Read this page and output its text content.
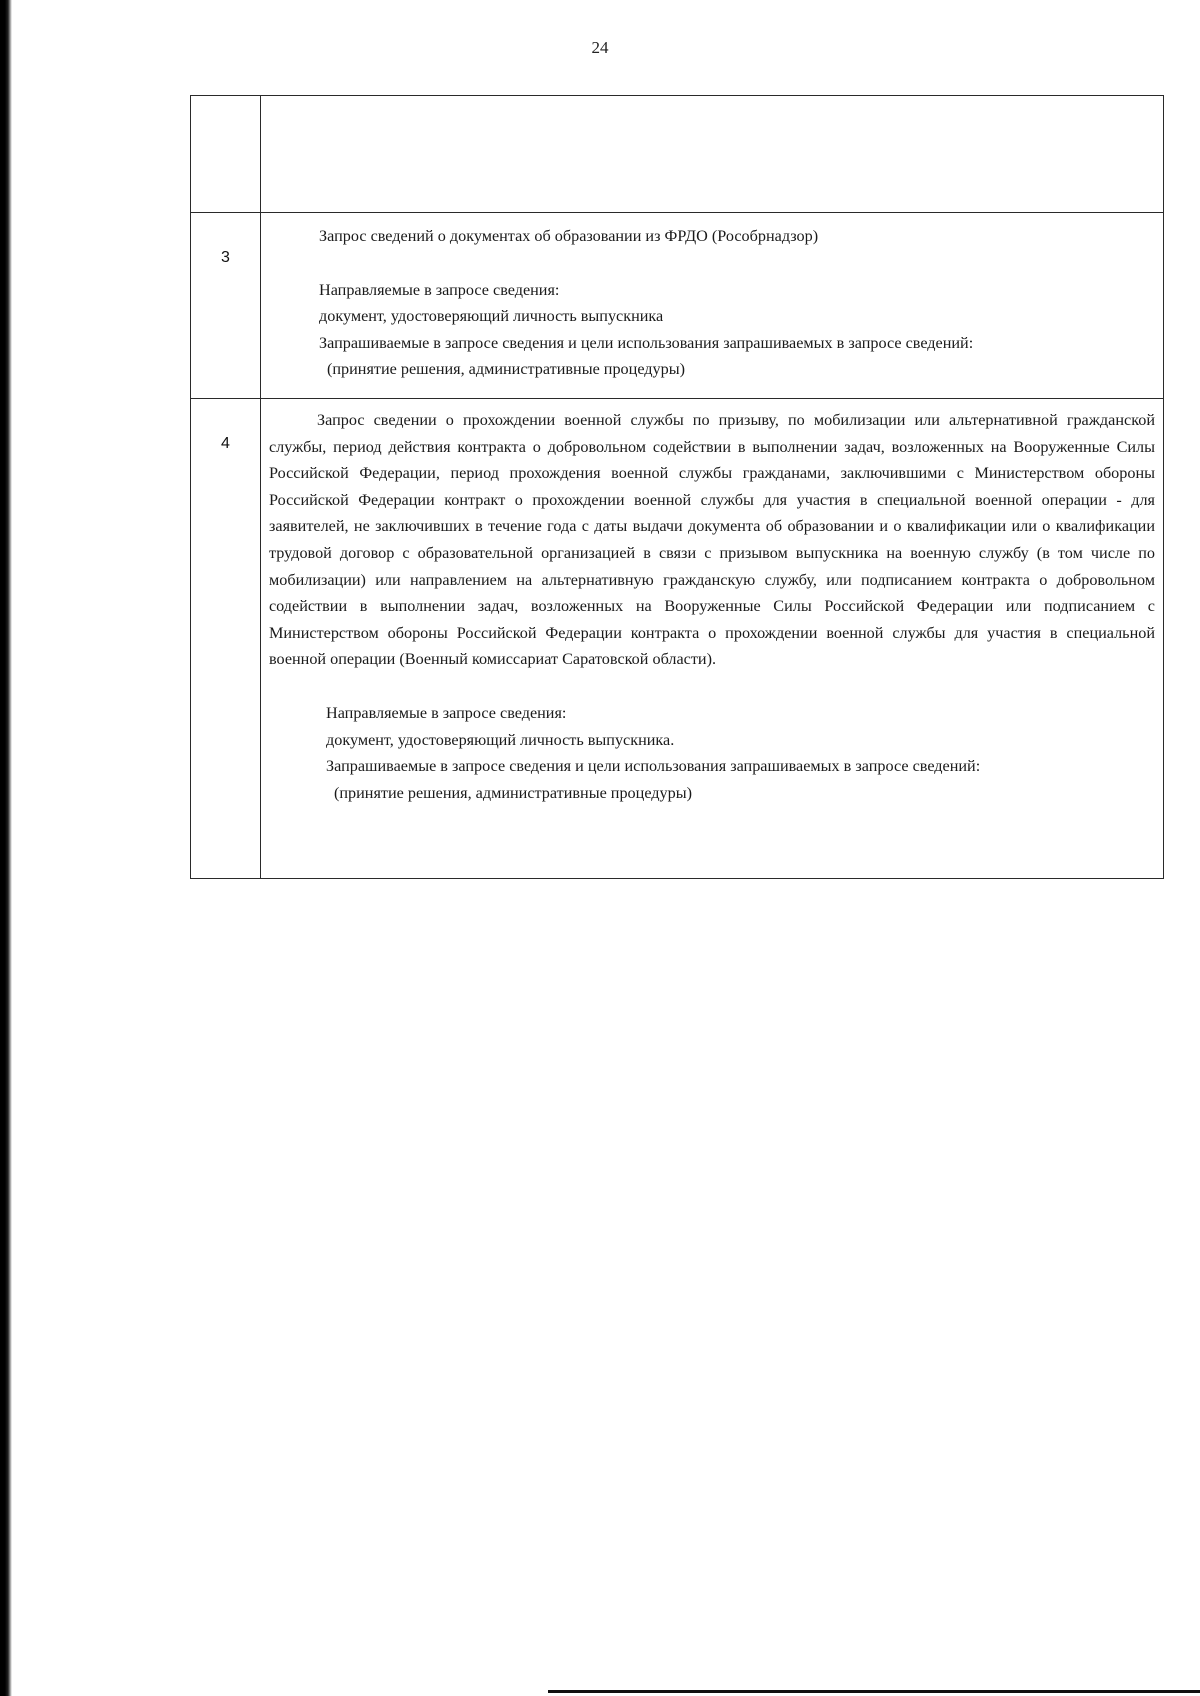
24

3	Запрос сведений о документах об образовании из ФРДО (Рособрнадзор)
Направляемые в запросе сведения:
документ, удостоверяющий личность выпускника
Запрашиваемые в запросе сведения и цели использования запрашиваемых в запросе сведений:
(принятие решения, административные процедуры)

4	Запрос сведении о прохождении военной службы по призыву, по мобилизации или альтернативной гражданской службы, период действия контракта о добровольном содействии в выполнении задач, возложенных на Вооруженные Силы Российской Федерации, период прохождения военной службы гражданами, заключившими с Министерством обороны Российской Федерации контракт о прохождении военной службы для участия в специальной военной операции - для заявителей, не заключивших в течение года с даты выдачи документа об образовании и о квалификации или о квалификации трудовой договор с образовательной организацией в связи с призывом выпускника на военную службу (в том числе по мобилизации) или направлением на альтернативную гражданскую службу, или подписанием контракта о добровольном содействии в выполнении задач, возложенных на Вооруженные Силы Российской Федерации или подписанием с Министерством обороны Российской Федерации контракта о прохождении военной службы для участия в специальной военной операции (Военный комиссариат Саратовской области).
Направляемые в запросе сведения:
документ, удостоверяющий личность выпускника.
Запрашиваемые в запросе сведения и цели использования запрашиваемых в запросе сведений:
(принятие решения, административные процедуры)
